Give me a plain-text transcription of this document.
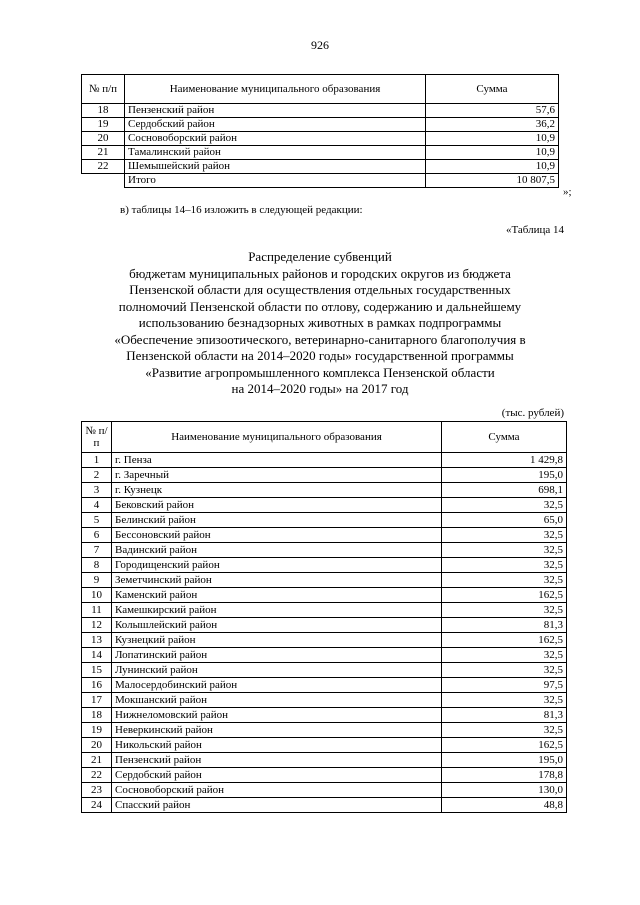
926
№ п/п	Наименование муниципального образования	Сумма
18	Пензенский район	57,6
19	Сердобский район	36,2
20	Сосновоборский район	10,9
21	Тамалинский район	10,9
22	Шемышейский район	10,9
	Итого	10 807,5
»;
в) таблицы 14–16 изложить в следующей редакции:
«Таблица 14
Распределение субвенций
бюджетам муниципальных районов и городских округов из бюджета
Пензенской области для осуществления отдельных государственных
полномочий Пензенской области по отлову, содержанию и дальнейшему
использованию безнадзорных животных в рамках подпрограммы
«Обеспечение эпизоотического, ветеринарно-санитарного благополучия в
Пензенской области на 2014–2020 годы» государственной программы
«Развитие агропромышленного комплекса Пензенской области
на 2014–2020 годы» на 2017 год
(тыс. рублей)
№ п/п	Наименование муниципального образования	Сумма
1	г. Пенза	1 429,8
2	г. Заречный	195,0
3	г. Кузнецк	698,1
4	Бековский район	32,5
5	Белинский район	65,0
6	Бессоновский район	32,5
7	Вадинский район	32,5
8	Городищенский район	32,5
9	Земетчинский район	32,5
10	Каменский район	162,5
11	Камешкирский район	32,5
12	Колышлейский район	81,3
13	Кузнецкий район	162,5
14	Лопатинский район	32,5
15	Лунинский район	32,5
16	Малосердобинский район	97,5
17	Мокшанский район	32,5
18	Нижнеломовский район	81,3
19	Неверкинский район	32,5
20	Никольский район	162,5
21	Пензенский район	195,0
22	Сердобский район	178,8
23	Сосновоборский район	130,0
24	Спасский район	48,8
